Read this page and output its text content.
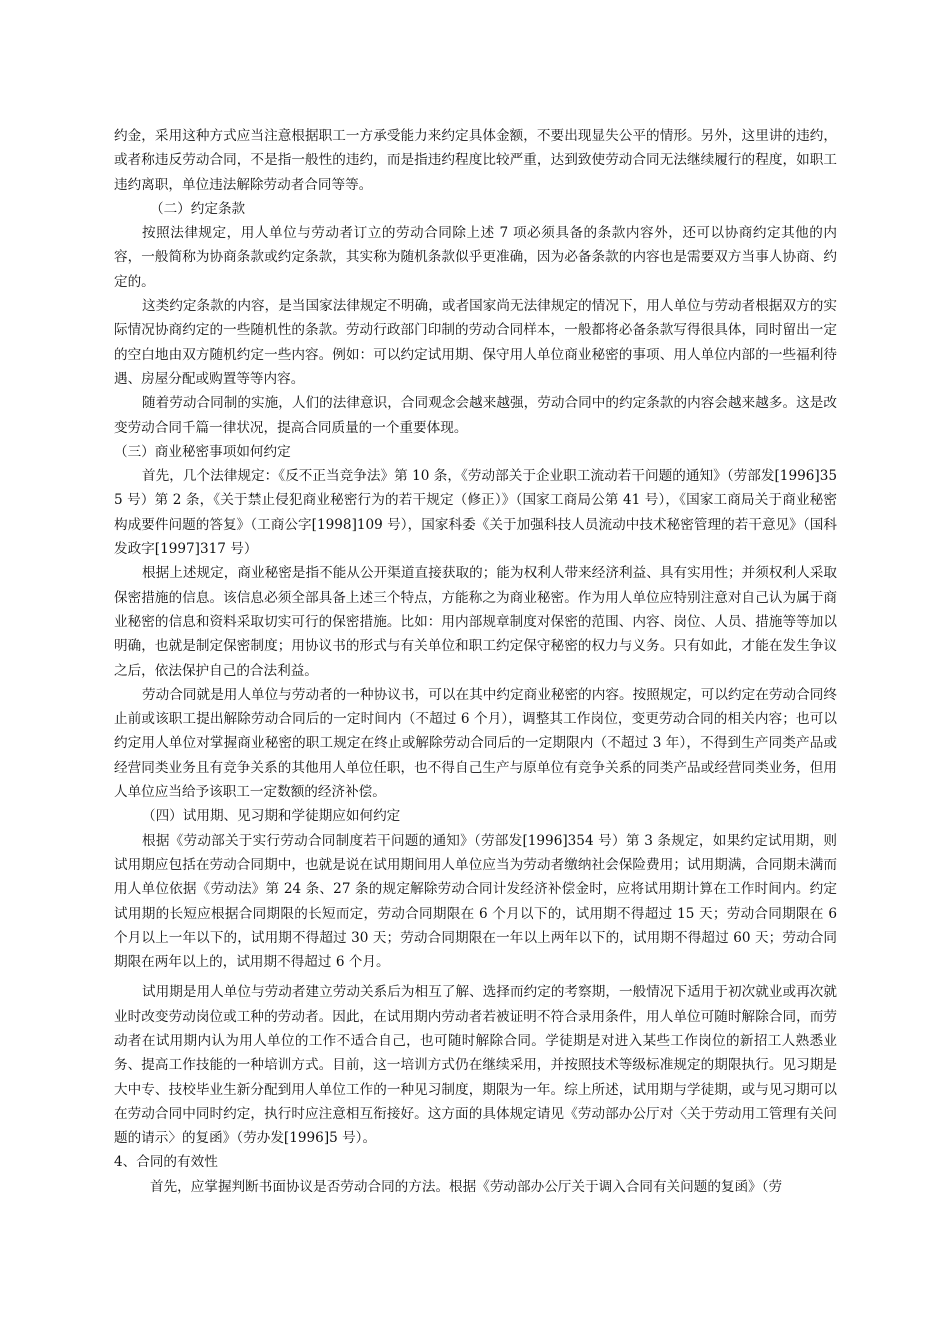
约金，采用这种方式应当注意根据职工一方承受能力来约定具体金额，不要出现显失公平的情形。另外，这里讲的违约，或者称违反劳动合同，不是指一般性的违约，而是指违约程度比较严重，达到致使劳动合同无法继续履行的程度，如职工违约离职，单位违法解除劳动者合同等等。

（二）约定条款

按照法律规定，用人单位与劳动者订立的劳动合同除上述 7 项必须具备的条款内容外，还可以协商约定其他的内容，一般简称为协商条款或约定条款，其实称为随机条款似乎更准确，因为必备条款的内容也是需要双方当事人协商、约定的。

这类约定条款的内容，是当国家法律规定不明确，或者国家尚无法律规定的情况下，用人单位与劳动者根据双方的实际情况协商约定的一些随机性的条款。劳动行政部门印制的劳动合同样本，一般都将必备条款写得很具体，同时留出一定的空白地由双方随机约定一些内容。例如：可以约定试用期、保守用人单位商业秘密的事项、用人单位内部的一些福利待遇、房屋分配或购置等等内容。

随着劳动合同制的实施，人们的法律意识，合同观念会越来越强，劳动合同中的约定条款的内容会越来越多。这是改变劳动合同千篇一律状况，提高合同质量的一个重要体现。

（三）商业秘密事项如何约定

首先，几个法律规定：《反不正当竞争法》第 10 条，《劳动部关于企业职工流动若干问题的通知》（劳部发[1996]355 号）第 2 条，《关于禁止侵犯商业秘密行为的若干规定（修正）》（国家工商局公第 41 号），《国家工商局关于商业秘密构成要件问题的答复》（工商公字[1998]109 号），国家科委《关于加强科技人员流动中技术秘密管理的若干意见》（国科发政字[1997]317 号）

根据上述规定，商业秘密是指不能从公开渠道直接获取的；能为权利人带来经济利益、具有实用性；并须权利人采取保密措施的信息。该信息必须全部具备上述三个特点，方能称之为商业秘密。作为用人单位应特别注意对自己认为属于商业秘密的信息和资料采取切实可行的保密措施。比如：用内部规章制度对保密的范围、内容、岗位、人员、措施等等加以明确，也就是制定保密制度；用协议书的形式与有关单位和职工约定保守秘密的权力与义务。只有如此，才能在发生争议之后，依法保护自己的合法利益。

劳动合同就是用人单位与劳动者的一种协议书，可以在其中约定商业秘密的内容。按照规定，可以约定在劳动合同终止前或该职工提出解除劳动合同后的一定时间内（不超过 6 个月），调整其工作岗位，变更劳动合同的相关内容；也可以约定用人单位对掌握商业秘密的职工规定在终止或解除劳动合同后的一定期限内（不超过 3 年），不得到生产同类产品或经营同类业务且有竞争关系的其他用人单位任职，也不得自己生产与原单位有竞争关系的同类产品或经营同类业务，但用人单位应当给予该职工一定数额的经济补偿。

（四）试用期、见习期和学徒期应如何约定

根据《劳动部关于实行劳动合同制度若干问题的通知》（劳部发[1996]354 号）第 3 条规定，如果约定试用期，则试用期应包括在劳动合同期中，也就是说在试用期间用人单位应当为劳动者缴纳社会保险费用；试用期满，合同期未满而用人单位依据《劳动法》第 24 条、27 条的规定解除劳动合同计发经济补偿金时，应将试用期计算在工作时间内。约定试用期的长短应根据合同期限的长短而定，劳动合同期限在 6 个月以下的，试用期不得超过 15 天；劳动合同期限在 6 个月以上一年以下的，试用期不得超过 30 天；劳动合同期限在一年以上两年以下的，试用期不得超过 60 天；劳动合同期限在两年以上的，试用期不得超过 6 个月。

试用期是用人单位与劳动者建立劳动关系后为相互了解、选择而约定的考察期，一般情况下适用于初次就业或再次就业时改变劳动岗位或工种的劳动者。因此，在试用期内劳动者若被证明不符合录用条件，用人单位可随时解除合同，而劳动者在试用期内认为用人单位的工作不适合自己，也可随时解除合同。学徒期是对进入某些工作岗位的新招工人熟悉业务、提高工作技能的一种培训方式。目前，这一培训方式仍在继续采用，并按照技术等级标准规定的期限执行。见习期是大中专、技校毕业生新分配到用人单位工作的一种见习制度，期限为一年。综上所述，试用期与学徒期，或与见习期可以在劳动合同中同时约定，执行时应注意相互衔接好。这方面的具体规定请见《劳动部办公厅对〈关于劳动用工管理有关问题的请示〉的复函》（劳办发[1996]5 号）。

4、合同的有效性

首先，应掌握判断书面协议是否劳动合同的方法。根据《劳动部办公厅关于调入合同有关问题的复函》（劳
